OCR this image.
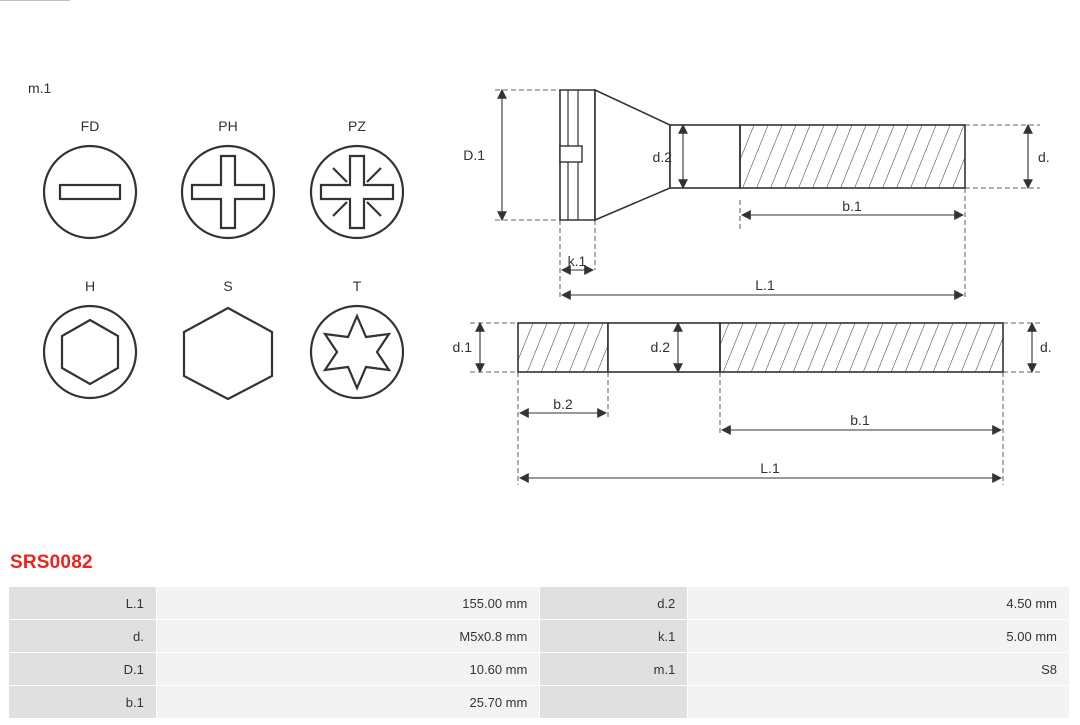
m.1
FD	PH	PZ
H	S	T
D.1	d.2	d.
b.1
k.1
L.1
d.1	d.2	d.
b.2
b.1
L.1
SRS0082
L.1	155.00 mm	d.2	4.50 mm
d.	M5x0.8 mm	k.1	5.00 mm
D.1	10.60 mm	m.1	S8
b.1	25.70 mm		
